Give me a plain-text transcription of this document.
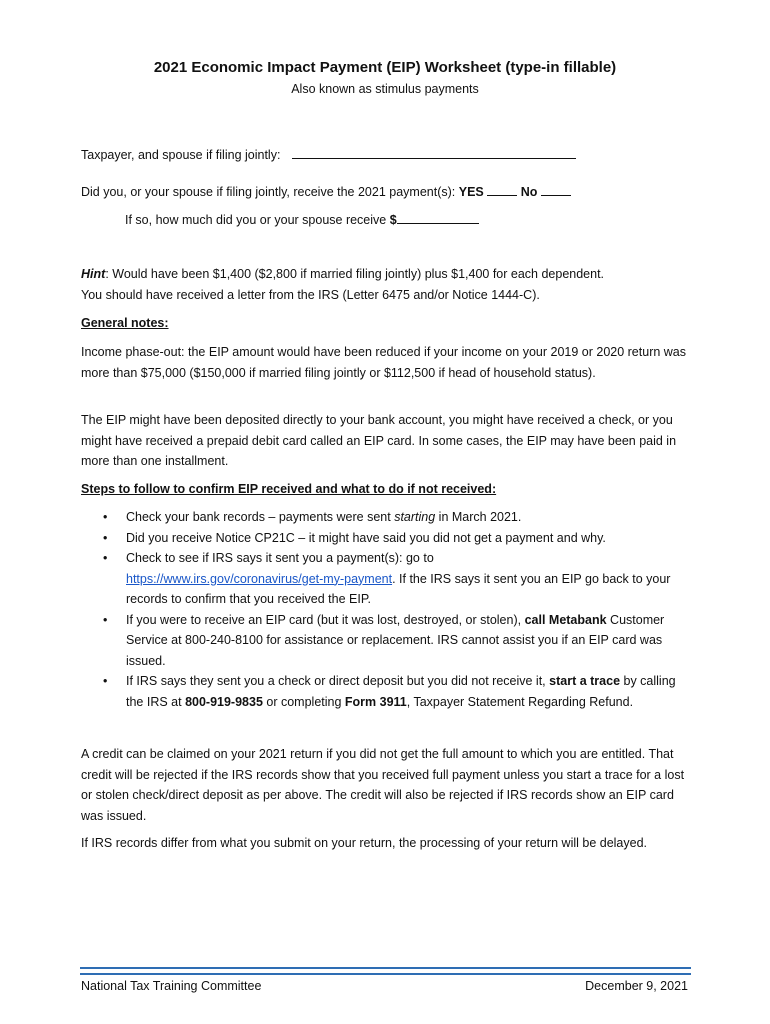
2021 Economic Impact Payment (EIP) Worksheet (type-in fillable)
Also known as stimulus payments
Taxpayer, and spouse if filing jointly:
Did you, or your spouse if filing jointly, receive the 2021 payment(s): YES	No
If so, how much did you or your spouse receive $
Hint: Would have been $1,400 ($2,800 if married filing jointly) plus $1,400 for each dependent.
You should have received a letter from the IRS (Letter 6475 and/or Notice 1444-C).
General notes:
Income phase-out: the EIP amount would have been reduced if your income on your 2019 or 2020 return was more than $75,000 ($150,000 if married filing jointly or $112,500 if head of household status).
The EIP might have been deposited directly to your bank account, you might have received a check, or you might have received a prepaid debit card called an EIP card. In some cases, the EIP may have been paid in more than one installment.
Steps to follow to confirm EIP received and what to do if not received:
• Check your bank records – payments were sent starting in March 2021.
• Did you receive Notice CP21C – it might have said you did not get a payment and why.
• Check to see if IRS says it sent you a payment(s): go to
https://www.irs.gov/coronavirus/get-my-payment. If the IRS says it sent you an EIP go back to your records to confirm that you received the EIP.
• If you were to receive an EIP card (but it was lost, destroyed, or stolen), call Metabank Customer Service at 800-240-8100 for assistance or replacement. IRS cannot assist you if an EIP card was issued.
• If IRS says they sent you a check or direct deposit but you did not receive it, start a trace by calling the IRS at 800-919-9835 or completing Form 3911, Taxpayer Statement Regarding Refund.
A credit can be claimed on your 2021 return if you did not get the full amount to which you are entitled. That credit will be rejected if the IRS records show that you received full payment unless you start a trace for a lost or stolen check/direct deposit as per above. The credit will also be rejected if IRS records show an EIP card was issued.
If IRS records differ from what you submit on your return, the processing of your return will be delayed.
National Tax Training Committee	December 9, 2021
